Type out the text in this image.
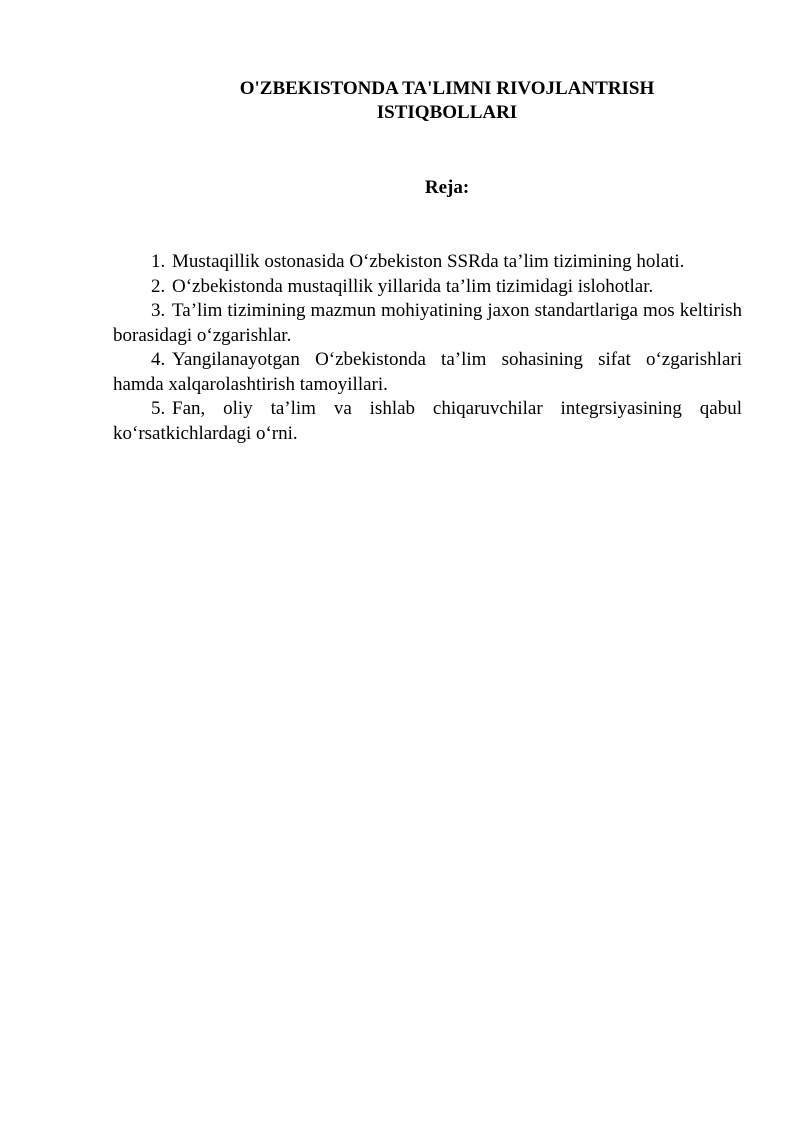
O'ZBEKISTONDA TA'LIMNI RIVOJLANTRISH
ISTIQBOLLARI
Reja:
1. Mustaqillik ostonasida O‘zbekiston SSRda ta’lim tizimining holati.
2. O‘zbekistonda mustaqillik yillarida ta’lim tizimidagi islohotlar.
3. Ta’lim tizimining mazmun mohiyatining jaxon standartlariga mos keltirish borasidagi o‘zgarishlar.
4. Yangilanayotgan O‘zbekistonda ta’lim sohasining sifat o‘zgarishlari hamda xalqarolashtirish tamoyillari.
5. Fan, oliy ta’lim va ishlab chiqaruvchilar integrsiyasining qabul ko‘rsatkichlardagi o‘rni.
